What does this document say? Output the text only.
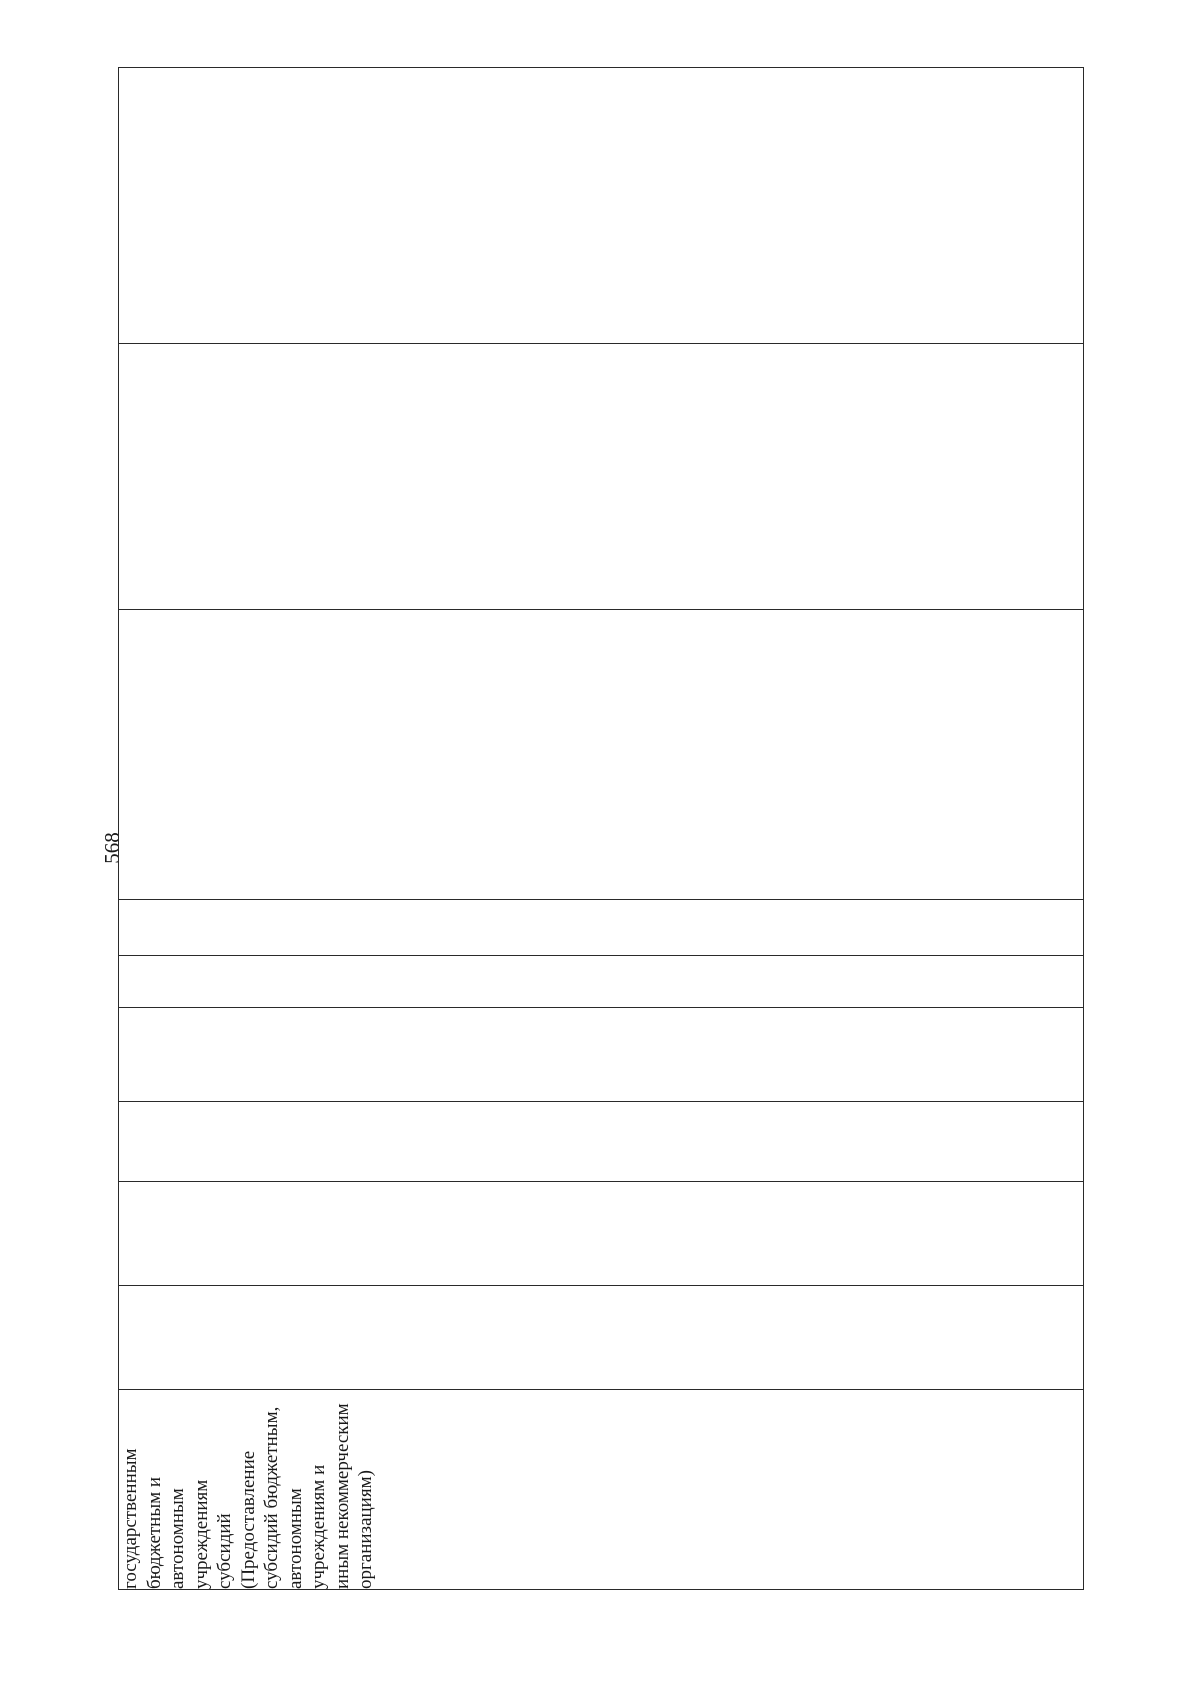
568
государственным бюджетным и
автономным учреждениям
субсидий (Предоставление
субсидий бюджетным,
автономным учреждениям и
иным некоммерческим
организациям)
